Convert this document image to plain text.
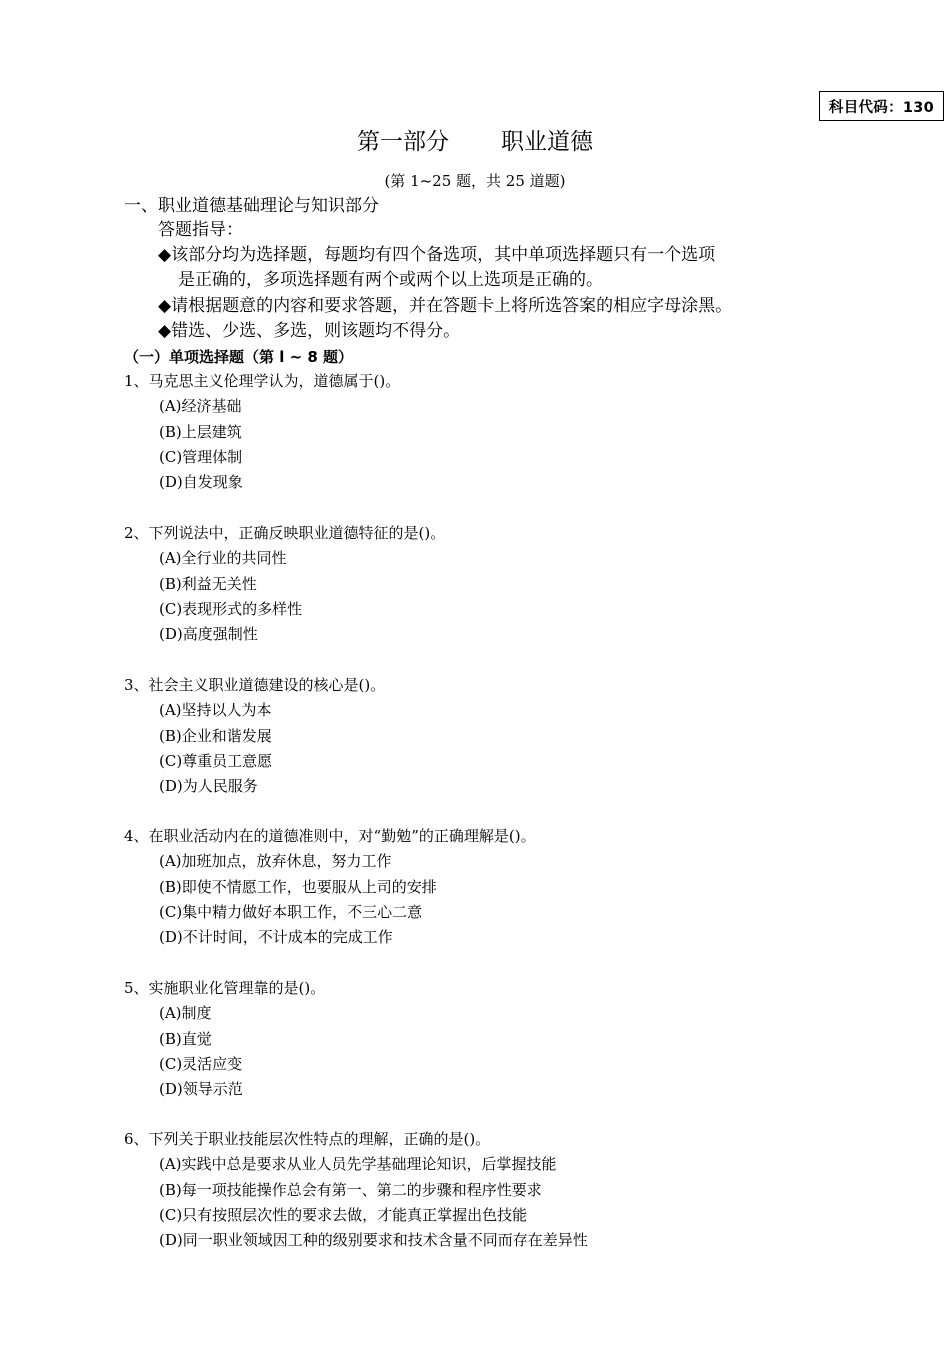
科目代码：130
第一部分 职业道德
(第 1~25 题，共 25 道题)
一、职业道德基础理论与知识部分
答题指导：
◆该部分均为选择题，每题均有四个备选项，其中单项选择题只有一个选项
是正确的，多项选择题有两个或两个以上选项是正确的。
◆请根据题意的内容和要求答题，并在答题卡上将所选答案的相应字母涂黑。
◆错选、少选、多选，则该题均不得分。
（一）单项选择题（第 l ~ 8 题）
1、马克思主义伦理学认为，道德属于()。
(A)经济基础
(B)上层建筑
(C)管理体制
(D)自发现象
2、下列说法中，正确反映职业道德特征的是()。
(A)全行业的共同性
(B)利益无关性
(C)表现形式的多样性
(D)高度强制性
3、社会主义职业道德建设的核心是()。
(A)坚持以人为本
(B)企业和谐发展
(C)尊重员工意愿
(D)为人民服务
4、在职业活动内在的道德准则中，对“勤勉”的正确理解是()。
(A)加班加点，放弃休息，努力工作
(B)即使不情愿工作，也要服从上司的安排
(C)集中精力做好本职工作，不三心二意
(D)不计时间，不计成本的完成工作
5、实施职业化管理靠的是()。
(A)制度
(B)直觉
(C)灵活应变
(D)领导示范
6、下列关于职业技能层次性特点的理解，正确的是()。
(A)实践中总是要求从业人员先学基础理论知识，后掌握技能
(B)每一项技能操作总会有第一、第二的步骤和程序性要求
(C)只有按照层次性的要求去做，才能真正掌握出色技能
(D)同一职业领域因工种的级别要求和技术含量不同而存在差异性
